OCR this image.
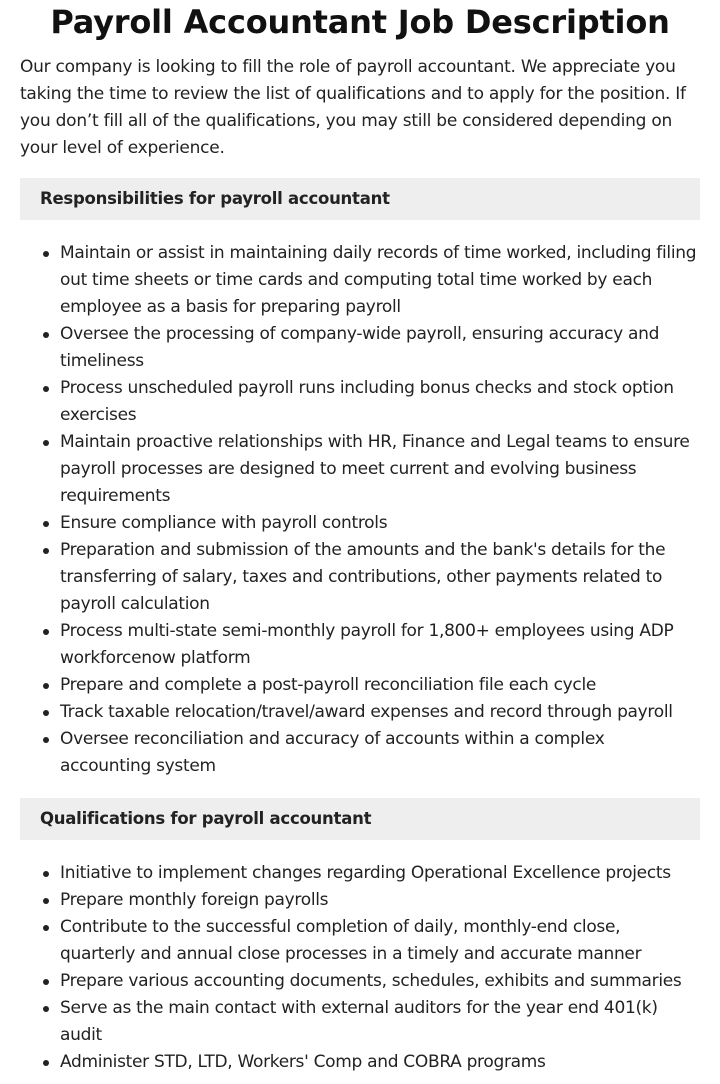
Payroll Accountant Job Description

Our company is looking to fill the role of payroll accountant. We appreciate you taking the time to review the list of qualifications and to apply for the position. If you don’t fill all of the qualifications, you may still be considered depending on your level of experience.

Responsibilities for payroll accountant
Maintain or assist in maintaining daily records of time worked, including filing out time sheets or time cards and computing total time worked by each employee as a basis for preparing payroll
Oversee the processing of company-wide payroll, ensuring accuracy and timeliness
Process unscheduled payroll runs including bonus checks and stock option exercises
Maintain proactive relationships with HR, Finance and Legal teams to ensure payroll processes are designed to meet current and evolving business requirements
Ensure compliance with payroll controls
Preparation and submission of the amounts and the bank's details for the transferring of salary, taxes and contributions, other payments related to payroll calculation
Process multi-state semi-monthly payroll for 1,800+ employees using ADP workforcenow platform
Prepare and complete a post-payroll reconciliation file each cycle
Track taxable relocation/travel/award expenses and record through payroll
Oversee reconciliation and accuracy of accounts within a complex accounting system
Qualifications for payroll accountant
Initiative to implement changes regarding Operational Excellence projects
Prepare monthly foreign payrolls
Contribute to the successful completion of daily, monthly-end close, quarterly and annual close processes in a timely and accurate manner
Prepare various accounting documents, schedules, exhibits and summaries
Serve as the main contact with external auditors for the year end 401(k) audit
Administer STD, LTD, Workers' Comp and COBRA programs
